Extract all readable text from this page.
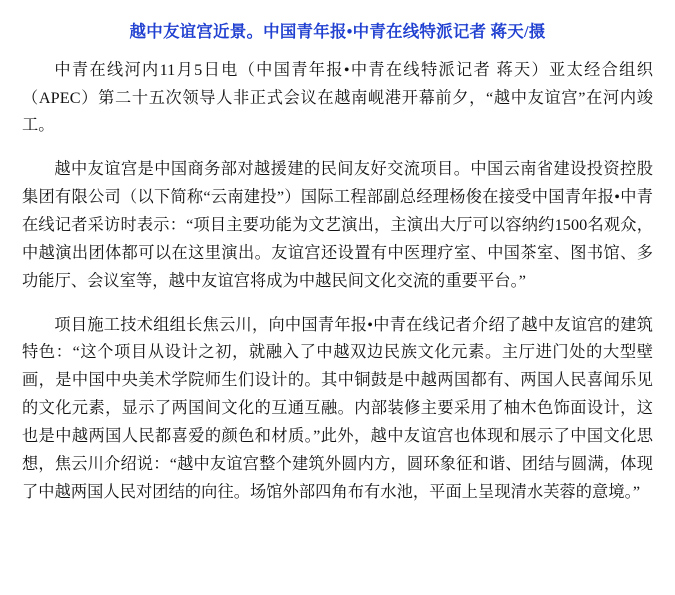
越中友谊宫近景。中国青年报•中青在线特派记者 蒋天/摄

中青在线河内11月5日电（中国青年报•中青在线特派记者 蒋天）亚太经合组织（APEC）第二十五次领导人非正式会议在越南岘港开幕前夕，“越中友谊宫”在河内竣工。

越中友谊宫是中国商务部对越援建的民间友好交流项目。中国云南省建设投资控股集团有限公司（以下简称“云南建投”）国际工程部副总经理杨俊在接受中国青年报•中青在线记者采访时表示：“项目主要功能为文艺演出，主演出大厅可以容纳约1500名观众，中越演出团体都可以在这里演出。友谊宫还设置有中医理疗室、中国茶室、图书馆、多功能厅、会议室等，越中友谊宫将成为中越民间文化交流的重要平台。”

项目施工技术组组长焦云川，向中国青年报•中青在线记者介绍了越中友谊宫的建筑特色：“这个项目从设计之初，就融入了中越双边民族文化元素。主厅进门处的大型壁画，是中国中央美术学院师生们设计的。其中铜鼓是中越两国都有、两国人民喜闻乐见的文化元素，显示了两国间文化的互通互融。内部装修主要采用了柚木色饰面设计，这也是中越两国人民都喜爱的颜色和材质。”此外，越中友谊宫也体现和展示了中国文化思想，焦云川介绍说：“越中友谊宫整个建筑外圆内方，圆环象征和谐、团结与圆满，体现了中越两国人民对团结的向往。场馆外部四角布有水池，平面上呈现清水芙蓉的意境。”
